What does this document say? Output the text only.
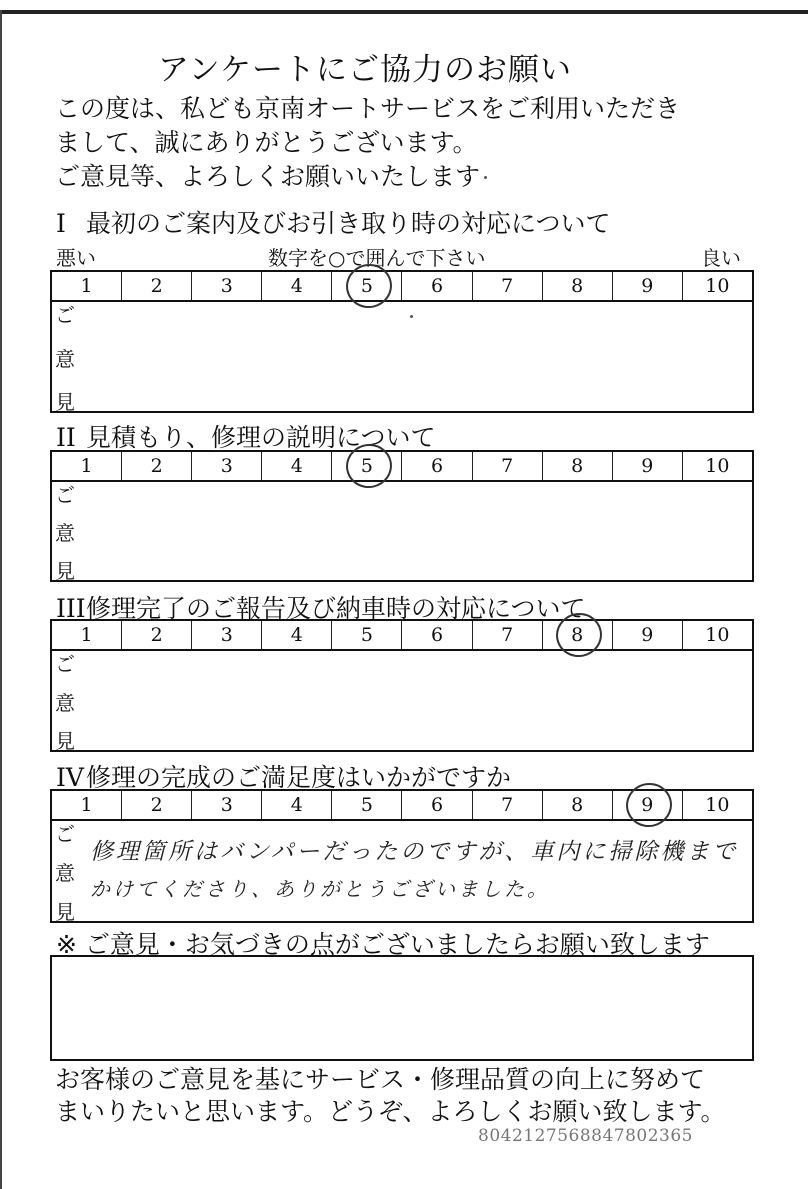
アンケートにご協力のお願い
この度は、私ども京南オートサービスをご利用いただき
まして、誠にありがとうございます。
ご意見等、よろしくお願いいたします
I 最初のご案内及びお引き取り時の対応について
悪い	数字を○で囲んで下さい	良い
1	2	3	4	5	6	7	8	9	10
ご
意
見
II 見積もり、修理の説明について
1	2	3	4	5	6	7	8	9	10
ご
意
見
III修理完了のご報告及び納車時の対応について
1	2	3	4	5	6	7	8	9	10
ご
意
見
IV修理の完成のご満足度はいかがですか
1	2	3	4	5	6	7	8	9	10
ご
意
見
修理箇所はバンパーだったのですが、車内に掃除機まで
かけてくださり、ありがとうございました。
※ ご意見・お気づきの点がございましたらお願い致します
お客様のご意見を基にサービス・修理品質の向上に努めて
まいりたいと思います。どうぞ、よろしくお願い致します。
8042127568847802365
